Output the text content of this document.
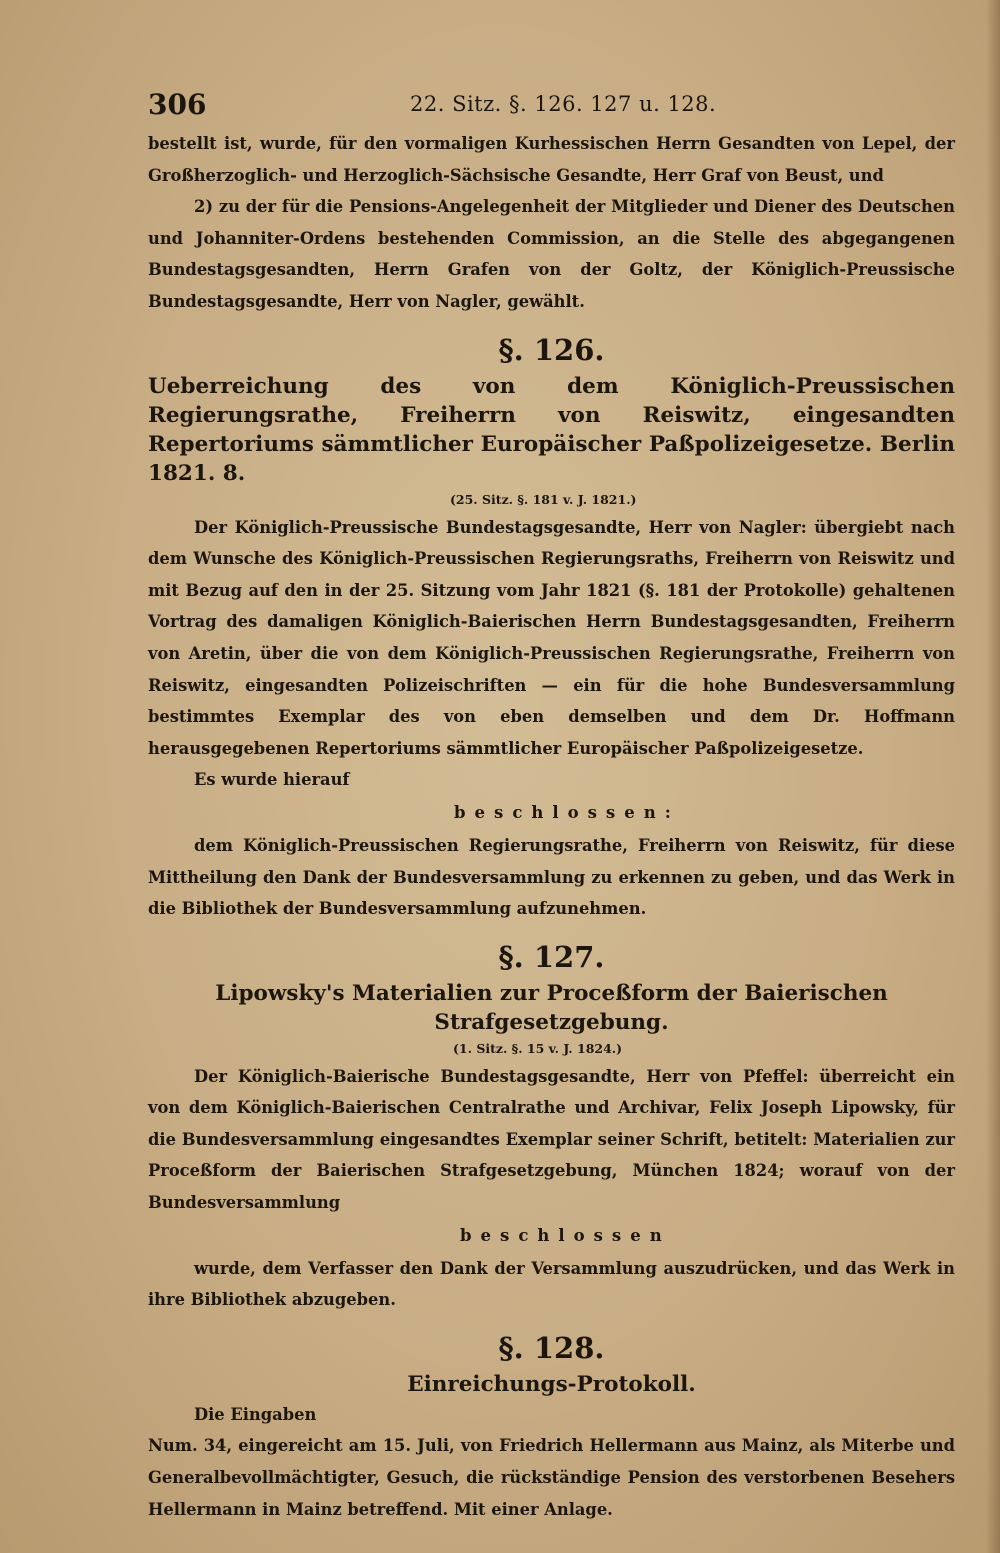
306	22. Sitz. §. 126. 127 u. 128.

bestellt ist, wurde, für den vormaligen Kurhessischen Herrn Gesandten von Lepel, der Großherzoglich- und Herzoglich-Sächsische Gesandte, Herr Graf von Beust, und

2) zu der für die Pensions-Angelegenheit der Mitglieder und Diener des Deutschen und Johanniter-Ordens bestehenden Commission, an die Stelle des abgegangenen Bundestagsgesandten, Herrn Grafen von der Goltz, der Königlich-Preussische Bundestagsgesandte, Herr von Nagler, gewählt.

§. 126.

Ueberreichung des von dem Königlich-Preussischen Regierungsrathe, Freiherrn von Reiswitz, eingesandten Repertoriums sämmtlicher Europäischer Paßpolizeigesetze. Berlin 1821. 8.

(25. Sitz. §. 181 v. J. 1821.)

Der Königlich-Preussische Bundestagsgesandte, Herr von Nagler: übergiebt nach dem Wunsche des Königlich-Preussischen Regierungsraths, Freiherrn von Reiswitz und mit Bezug auf den in der 25. Sitzung vom Jahr 1821 (§. 181 der Protokolle) gehaltenen Vortrag des damaligen Königlich-Baierischen Herrn Bundestagsgesandten, Freiherrn von Aretin, über die von dem Königlich-Preussischen Regierungsrathe, Freiherrn von Reiswitz, eingesandten Polizeischriften — ein für die hohe Bundesversammlung bestimmtes Exemplar des von eben demselben und dem Dr. Hoffmann herausgegebenen Repertoriums sämmtlicher Europäischer Paßpolizeigesetze.

Es wurde hierauf

beschlossen:

dem Königlich-Preussischen Regierungsrathe, Freiherrn von Reiswitz, für diese Mittheilung den Dank der Bundesversammlung zu erkennen zu geben, und das Werk in die Bibliothek der Bundesversammlung aufzunehmen.

§. 127.

Lipowsky's Materialien zur Proceßform der Baierischen Strafgesetzgebung.

(1. Sitz. §. 15 v. J. 1824.)

Der Königlich-Baierische Bundestagsgesandte, Herr von Pfeffel: überreicht ein von dem Königlich-Baierischen Centralrathe und Archivar, Felix Joseph Lipowsky, für die Bundesversammlung eingesandtes Exemplar seiner Schrift, betitelt: Materialien zur Proceßform der Baierischen Strafgesetzgebung, München 1824; worauf von der Bundesversammlung

beschlossen

wurde, dem Verfasser den Dank der Versammlung auszudrücken, und das Werk in ihre Bibliothek abzugeben.

§. 128.

Einreichungs-Protokoll.

Die Eingaben

Num. 34, eingereicht am 15. Juli, von Friedrich Hellermann aus Mainz, als Miterbe und Generalbevollmächtigter, Gesuch, die rückständige Pension des verstorbenen Besehers Hellermann in Mainz betreffend. Mit einer Anlage.
